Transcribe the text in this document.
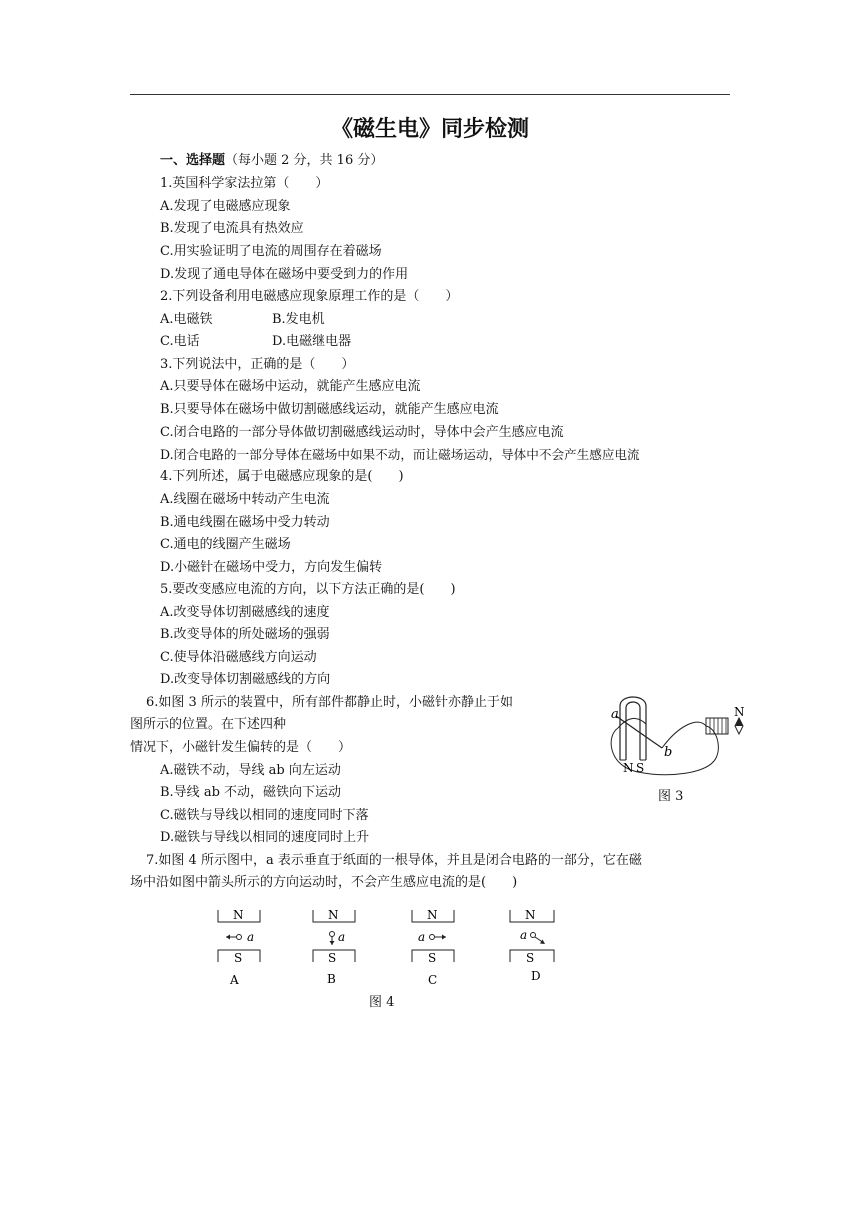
《磁生电》同步检测
一、选择题（每小题 2 分，共 16 分）
1.英国科学家法拉第（　　）
A.发现了电磁感应现象
B.发现了电流具有热效应
C.用实验证明了电流的周围存在着磁场
D.发现了通电导体在磁场中要受到力的作用
2.下列设备利用电磁感应现象原理工作的是（　　）
A.电磁铁	B.发电机
C.电话	D.电磁继电器
3.下列说法中，正确的是（　　）
A.只要导体在磁场中运动，就能产生感应电流
B.只要导体在磁场中做切割磁感线运动，就能产生感应电流
C.闭合电路的一部分导体做切割磁感线运动时，导体中会产生感应电流
D.闭合电路的一部分导体在磁场中如果不动，而让磁场运动，导体中不会产生感应电流
4.下列所述，属于电磁感应现象的是(　　)
A.线圈在磁场中转动产生电流
B.通电线圈在磁场中受力转动
C.通电的线圈产生磁场
D.小磁针在磁场中受力，方向发生偏转
5.要改变感应电流的方向，以下方法正确的是(　　)
A.改变导体切割磁感线的速度
B.改变导体的所处磁场的强弱
C.使导体沿磁感线方向运动
D.改变导体切割磁感线的方向
6.如图 3 所示的装置中，所有部件都静止时，小磁针亦静止于如
图所示的位置。在下述四种
情况下，小磁针发生偏转的是（　　）
A.磁铁不动，导线 ab 向左运动
B.导线 ab 不动，磁铁向下运动
C.磁铁与导线以相同的速度同时下落
D.磁铁与导线以相同的速度同时上升
a
b
N S
N
图 3
7.如图 4 所示图中，a 表示垂直于纸面的一根导体，并且是闭合电路的一部分，它在磁
场中沿如图中箭头所示的方向运动时，不会产生感应电流的是(　　)
N
a
S
A
N
a
S
B
N
a
S
C
N
a
S
D
图 4
